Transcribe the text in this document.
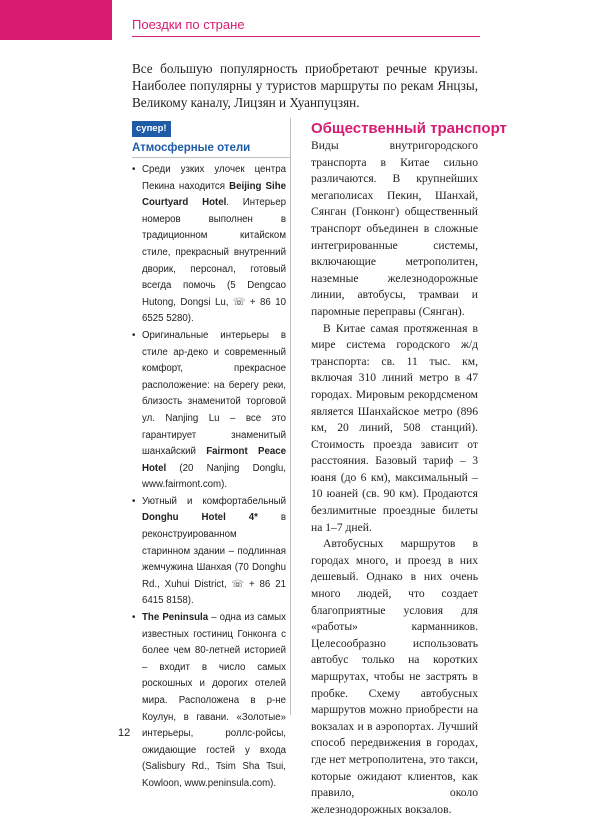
Поездки по стране

Все большую популярность приобретают речные круизы. Наиболее популярны у туристов маршруты по рекам Янцзы, Великому каналу, Лицзян и Хуанпуцзян.

супер!
Атмосферные отели
• Среди узких улочек центра Пекина находится Beijing Sihe Courtyard Hotel. Интерьер номеров выполнен в традиционном китайском стиле, прекрасный внутренний дворик, персонал, готовый всегда помочь (5 Dengcao Hutong, Dongsi Lu, ☏ + 86 10 6525 5280).
• Оригинальные интерьеры в стиле ар-деко и современный комфорт, прекрасное расположение: на берегу реки, близость знаменитой торговой ул. Nanjing Lu – все это гарантирует знаменитый шанхайский Fairmont Peace Hotel (20 Nanjing Donglu, www.fairmont.com).
• Уютный и комфортабельный Donghu Hotel 4* в реконструированном старинном здании – подлинная жемчужина Шанхая (70 Donghu Rd., Xuhui District, ☏ + 86 21 6415 8158).
• The Peninsula – одна из самых известных гостиниц Гонконга с более чем 80-летней историей – входит в число самых роскошных и дорогих отелей мира. Расположена в р-не Коулун, в гавани. «Золотые» интерьеры, роллс-ройсы, ожидающие гостей у входа (Salisbury Rd., Tsim Sha Tsui, Kowloon, www.peninsula.com).
Общественный транспорт

Виды внутригородского транспорта в Китае сильно различаются. В крупнейших мегаполисах Пекин, Шанхай, Сянган (Гонконг) общественный транспорт объединен в сложные интегрированные системы, включающие метрополитен, наземные железнодорожные линии, автобусы, трамваи и паромные переправы (Сянган).

В Китае самая протяженная в мире система городского ж/д транспорта: св. 11 тыс. км, включая 310 линий метро в 47 городах. Мировым рекордсменом является Шанхайское метро (896 км, 20 линий, 508 станций). Стоимость проезда зависит от расстояния. Базовый тариф – 3 юаня (до 6 км), максимальный – 10 юаней (св. 90 км). Продаются безлимитные проездные билеты на 1–7 дней.

Автобусных маршрутов в городах много, и проезд в них дешевый. Однако в них очень много людей, что создает благоприятные условия для «работы» карманников. Целесообразно использовать автобус только на коротких маршрутах, чтобы не застрять в пробке. Схему автобусных маршрутов можно приобрести на вокзалах и в аэропортах. Лучший способ передвижения в городах, где нет метрополитена, это такси, которые ожидают клиентов, как правило, около железнодорожных вокзалов.

12
